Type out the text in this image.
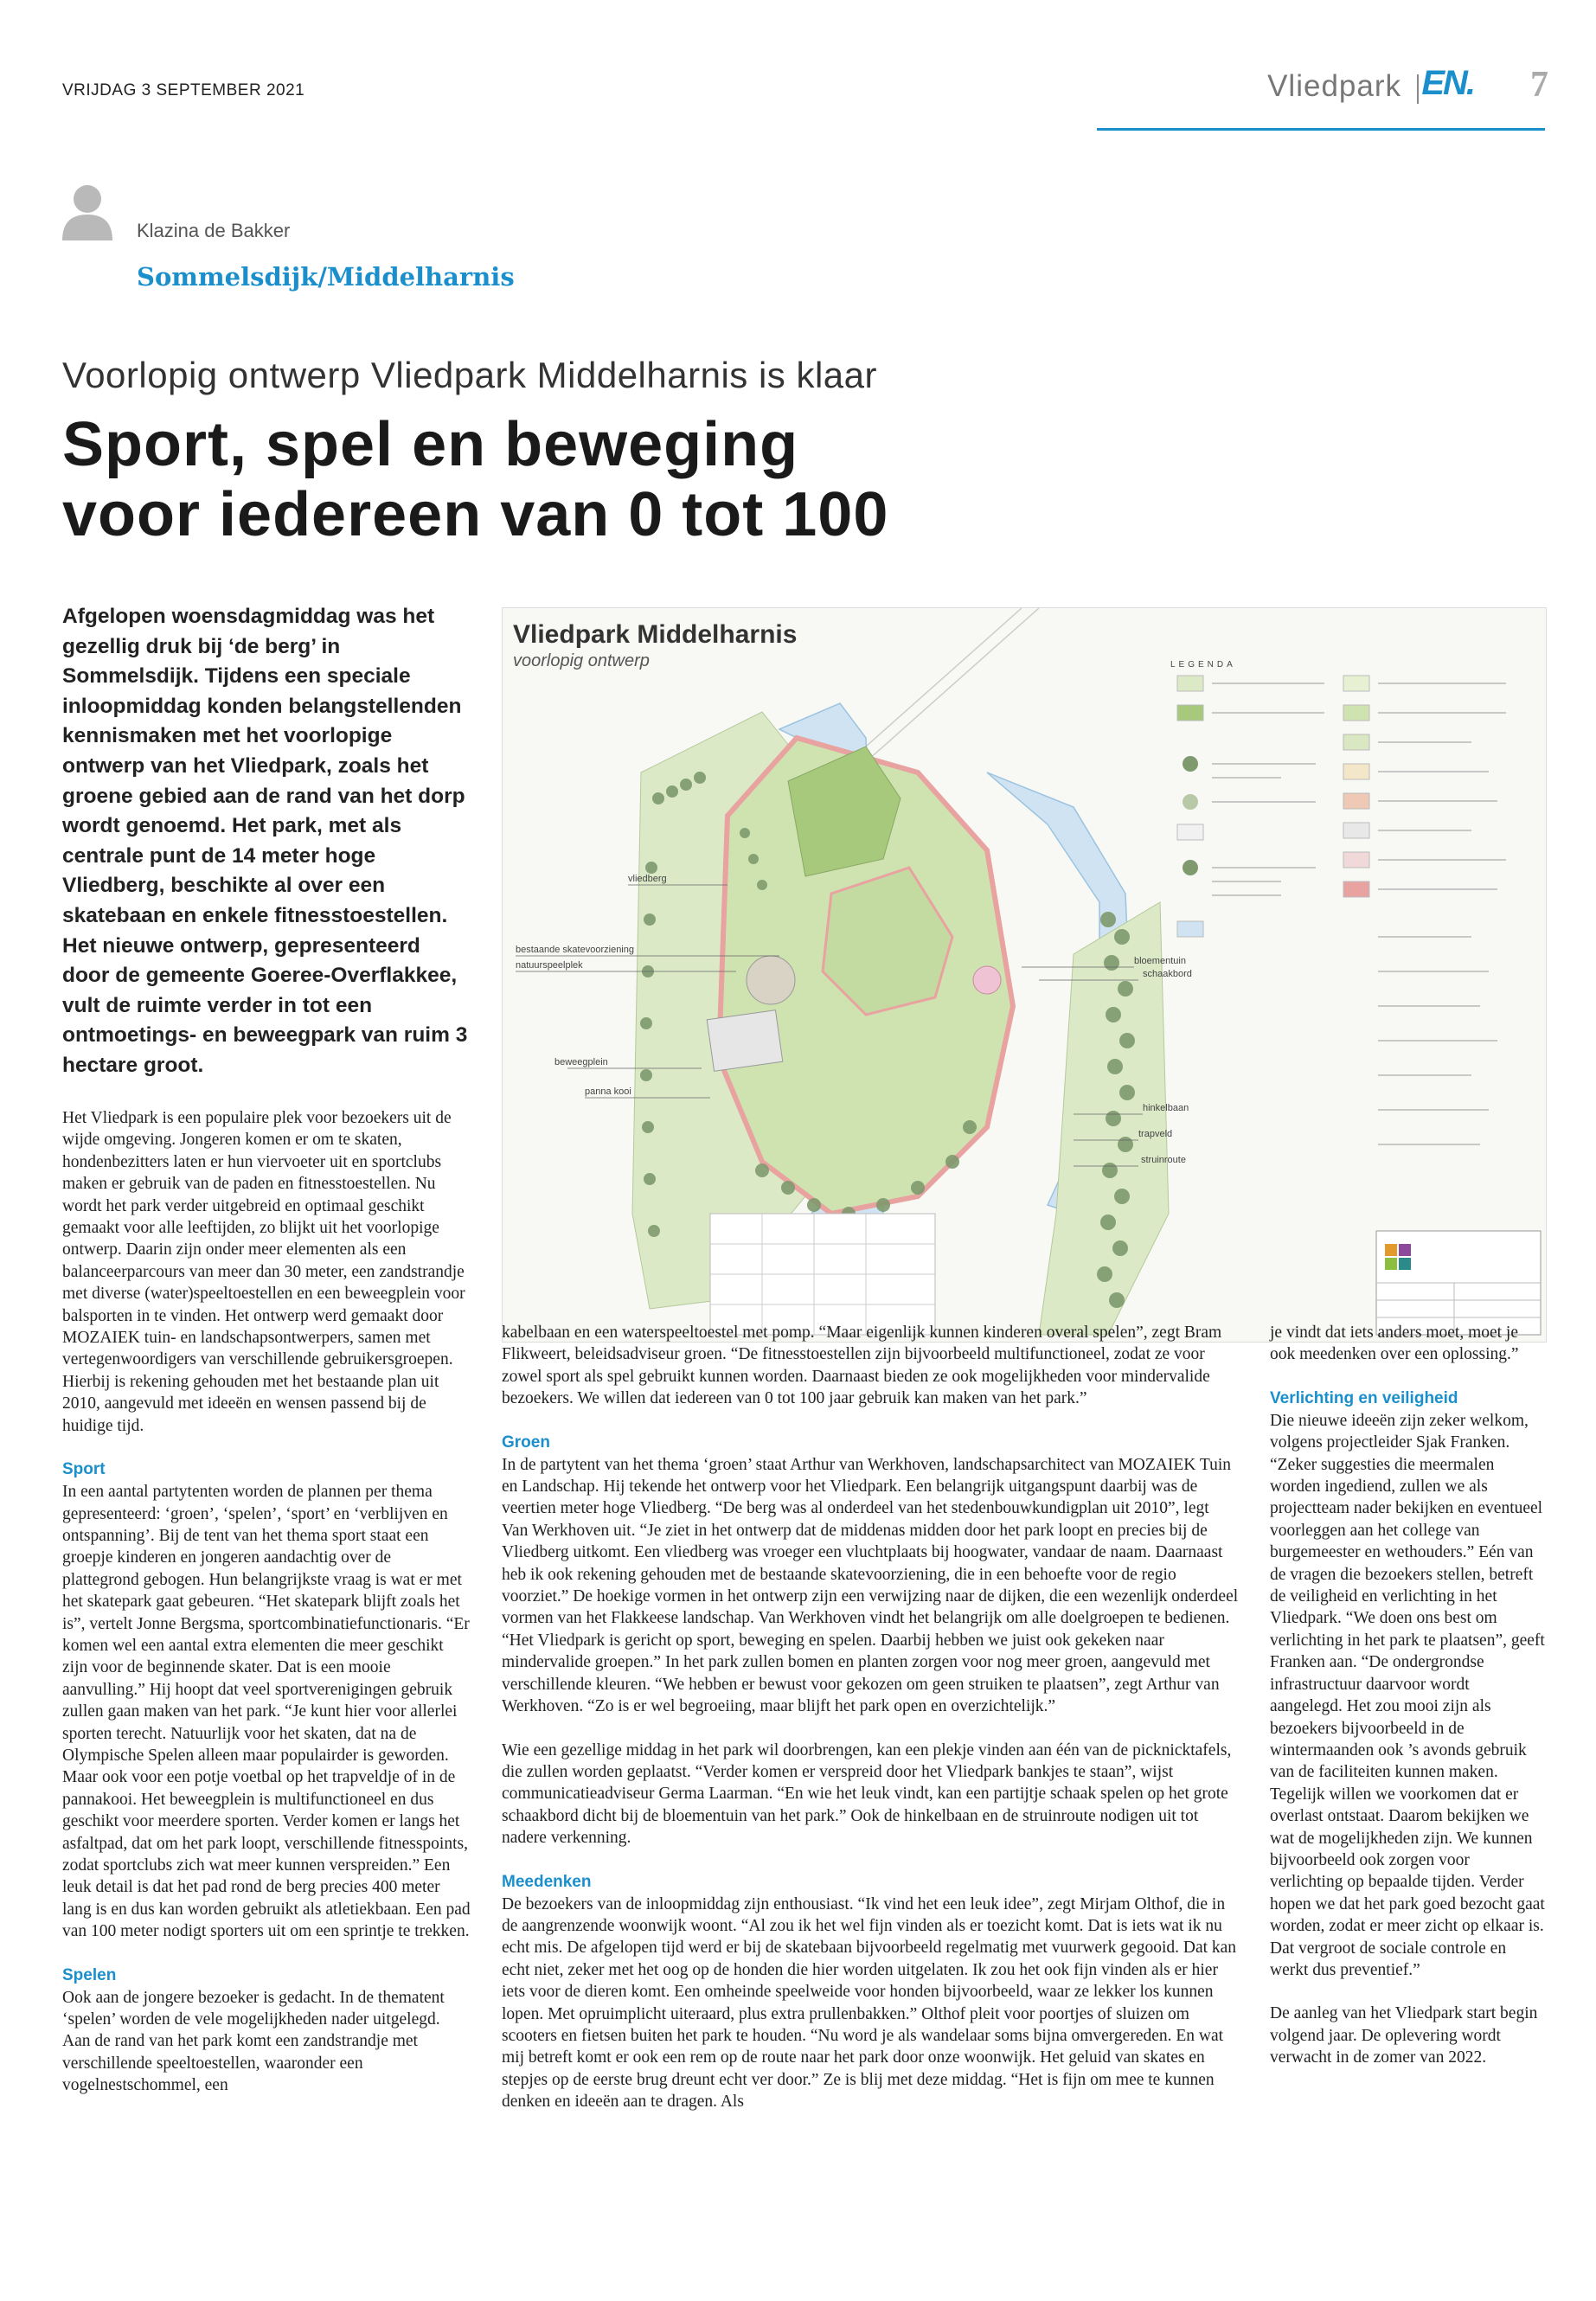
VRIJDAG 3 SEPTEMBER 2021	Vliedpark EN. 7
Klazina de Bakker
Sommelsdijk/Middelharnis
Voorlopig ontwerp Vliedpark Middelharnis is klaar
Sport, spel en beweging
voor iedereen van 0 tot 100
Afgelopen woensdagmiddag was het gezellig druk bij ‘de berg’ in Sommelsdijk. Tijdens een speciale inloopmiddag konden belangstellenden kennismaken met het voorlopige ontwerp van het Vliedpark, zoals het groene gebied aan de rand van het dorp wordt genoemd. Het park, met als centrale punt de 14 meter hoge Vliedberg, beschikte al over een skatebaan en enkele fitnesstoestellen. Het nieuwe ontwerp, gepresenteerd door de gemeente Goeree-Overflakkee, vult de ruimte verder in tot een ontmoetings- en beweegpark van ruim 3 hectare groot.
vliedberg
bestaande skatevoorziening
natuurspeelplek
beweegplein
panna kooi
bloementuin
schaakbord
hinkelbaan
trapveld
struinroute
Vliedpark Middelharnis
voorlopig ontwerp	LEGENDA

Het Vliedpark is een populaire plek voor bezoekers uit de wijde omgeving. Jongeren komen er om te skaten, hondenbezitters laten er hun viervoeter uit en sportclubs maken er gebruik van de paden en fitnesstoestellen. Nu wordt het park verder uitgebreid en optimaal geschikt gemaakt voor alle leeftijden, zo blijkt uit het voorlopige ontwerp. Daarin zijn onder meer elementen als een balanceerparcours van meer dan 30 meter, een zandstrandje met diverse (water)speeltoestellen en een beweegplein voor balsporten in te vinden. Het ontwerp werd gemaakt door MOZAIEK tuin- en landschapsontwerpers, samen met vertegenwoordigers van verschillende gebruikersgroepen. Hierbij is rekening gehouden met het bestaande plan uit 2010, aangevuld met ideeën en wensen passend bij de huidige tijd.

Sport

In een aantal partytenten worden de plannen per thema gepresenteerd: ‘groen’, ‘spelen’, ‘sport’ en ‘verblijven en ontspanning’. Bij de tent van het thema sport staat een groepje kinderen en jongeren aandachtig over de plattegrond gebogen. Hun belangrijkste vraag is wat er met het skatepark gaat gebeuren. “Het skatepark blijft zoals het is”, vertelt Jonne Bergsma, sportcombinatiefunctionaris. “Er komen wel een aantal extra elementen die meer geschikt zijn voor de beginnende skater. Dat is een mooie aanvulling.” Hij hoopt dat veel sportverenigingen gebruik zullen gaan maken van het park. “Je kunt hier voor allerlei sporten terecht. Natuurlijk voor het skaten, dat na de Olympische Spelen alleen maar populairder is geworden. Maar ook voor een potje voetbal op het trapveldje of in de pannakooi. Het beweegplein is multifunctioneel en dus geschikt voor meerdere sporten. Verder komen er langs het asfaltpad, dat om het park loopt, verschillende fitnesspoints, zodat sportclubs zich wat meer kunnen verspreiden.” Een leuk detail is dat het pad rond de berg precies 400 meter lang is en dus kan worden gebruikt als atletiekbaan. Een pad van 100 meter nodigt sporters uit om een sprintje te trekken.

Spelen

Ook aan de jongere bezoeker is gedacht. In de thematent ‘spelen’ worden de vele mogelijkheden nader uitgelegd. Aan de rand van het park komt een zandstrandje met verschillende speeltoestellen, waaronder een vogelnestschommel, een

kabelbaan en een waterspeeltoestel met pomp. “Maar eigenlijk kunnen kinderen overal spelen”, zegt Bram Flikweert, beleidsadviseur groen. “De fitnesstoestellen zijn bijvoorbeeld multifunctioneel, zodat ze voor zowel sport als spel gebruikt kunnen worden. Daarnaast bieden ze ook mogelijkheden voor mindervalide bezoekers. We willen dat iedereen van 0 tot 100 jaar gebruik kan maken van het park.”

Groen

In de partytent van het thema ‘groen’ staat Arthur van Werkhoven, landschapsarchitect van MOZAIEK Tuin en Landschap. Hij tekende het ontwerp voor het Vliedpark. Een belangrijk uitgangspunt daarbij was de veertien meter hoge Vliedberg. “De berg was al onderdeel van het stedenbouwkundigplan uit 2010”, legt Van Werkhoven uit. “Je ziet in het ontwerp dat de middenas midden door het park loopt en precies bij de Vliedberg uitkomt. Een vliedberg was vroeger een vluchtplaats bij hoogwater, vandaar de naam. Daarnaast heb ik ook rekening gehouden met de bestaande skatevoorziening, die in een behoefte voor de regio voorziet.” De hoekige vormen in het ontwerp zijn een verwijzing naar de dijken, die een wezenlijk onderdeel vormen van het Flakkeese landschap. Van Werkhoven vindt het belangrijk om alle doelgroepen te bedienen. “Het Vliedpark is gericht op sport, beweging en spelen. Daarbij hebben we juist ook gekeken naar mindervalide groepen.” In het park zullen bomen en planten zorgen voor nog meer groen, aangevuld met verschillende kleuren. “We hebben er bewust voor gekozen om geen struiken te plaatsen”, zegt Arthur van Werkhoven. “Zo is er wel begroeiing, maar blijft het park open en overzichtelijk.”

Wie een gezellige middag in het park wil doorbrengen, kan een plekje vinden aan één van de picknicktafels, die zullen worden geplaatst. “Verder komen er verspreid door het Vliedpark bankjes te staan”, wijst communicatieadviseur Germa Laarman. “En wie het leuk vindt, kan een partijtje schaak spelen op het grote schaakbord dicht bij de bloementuin van het park.” Ook de hinkelbaan en de struinroute nodigen uit tot nadere verkenning.

Meedenken

De bezoekers van de inloopmiddag zijn enthousiast. “Ik vind het een leuk idee”, zegt Mirjam Olthof, die in de aangrenzende woonwijk woont. “Al zou ik het wel fijn vinden als er toezicht komt. Dat is iets wat ik nu echt mis. De afgelopen tijd werd er bij de skatebaan bijvoorbeeld regelmatig met vuurwerk gegooid. Dat kan echt niet, zeker met het oog op de honden die hier worden uitgelaten. Ik zou het ook fijn vinden als er hier iets voor de dieren komt. Een omheinde speelweide voor honden bijvoorbeeld, waar ze lekker los kunnen lopen. Met opruimplicht uiteraard, plus extra prullenbakken.” Olthof pleit voor poortjes of sluizen om scooters en fietsen buiten het park te houden. “Nu word je als wandelaar soms bijna omvergereden. En wat mij betreft komt er ook een rem op de route naar het park door onze woonwijk. Het geluid van skates en stepjes op de eerste brug dreunt echt ver door.” Ze is blij met deze middag. “Het is fijn om mee te kunnen denken en ideeën aan te dragen. Als

je vindt dat iets anders moet, moet je ook meedenken over een oplossing.”

Verlichting en veiligheid

Die nieuwe ideeën zijn zeker welkom, volgens projectleider Sjak Franken. “Zeker suggesties die meermalen worden ingediend, zullen we als projectteam nader bekijken en eventueel voorleggen aan het college van burgemeester en wethouders.” Eén van de vragen die bezoekers stellen, betreft de veiligheid en verlichting in het Vliedpark. “We doen ons best om verlichting in het park te plaatsen”, geeft Franken aan. “De ondergrondse infrastructuur daarvoor wordt aangelegd. Het zou mooi zijn als bezoekers bijvoorbeeld in de wintermaanden ook ’s avonds gebruik van de faciliteiten kunnen maken. Tegelijk willen we voorkomen dat er overlast ontstaat. Daarom bekijken we wat de mogelijkheden zijn. We kunnen bijvoorbeeld ook zorgen voor verlichting op bepaalde tijden. Verder hopen we dat het park goed bezocht gaat worden, zodat er meer zicht op elkaar is. Dat vergroot de sociale controle en werkt dus preventief.”

De aanleg van het Vliedpark start begin volgend jaar. De oplevering wordt verwacht in de zomer van 2022.
